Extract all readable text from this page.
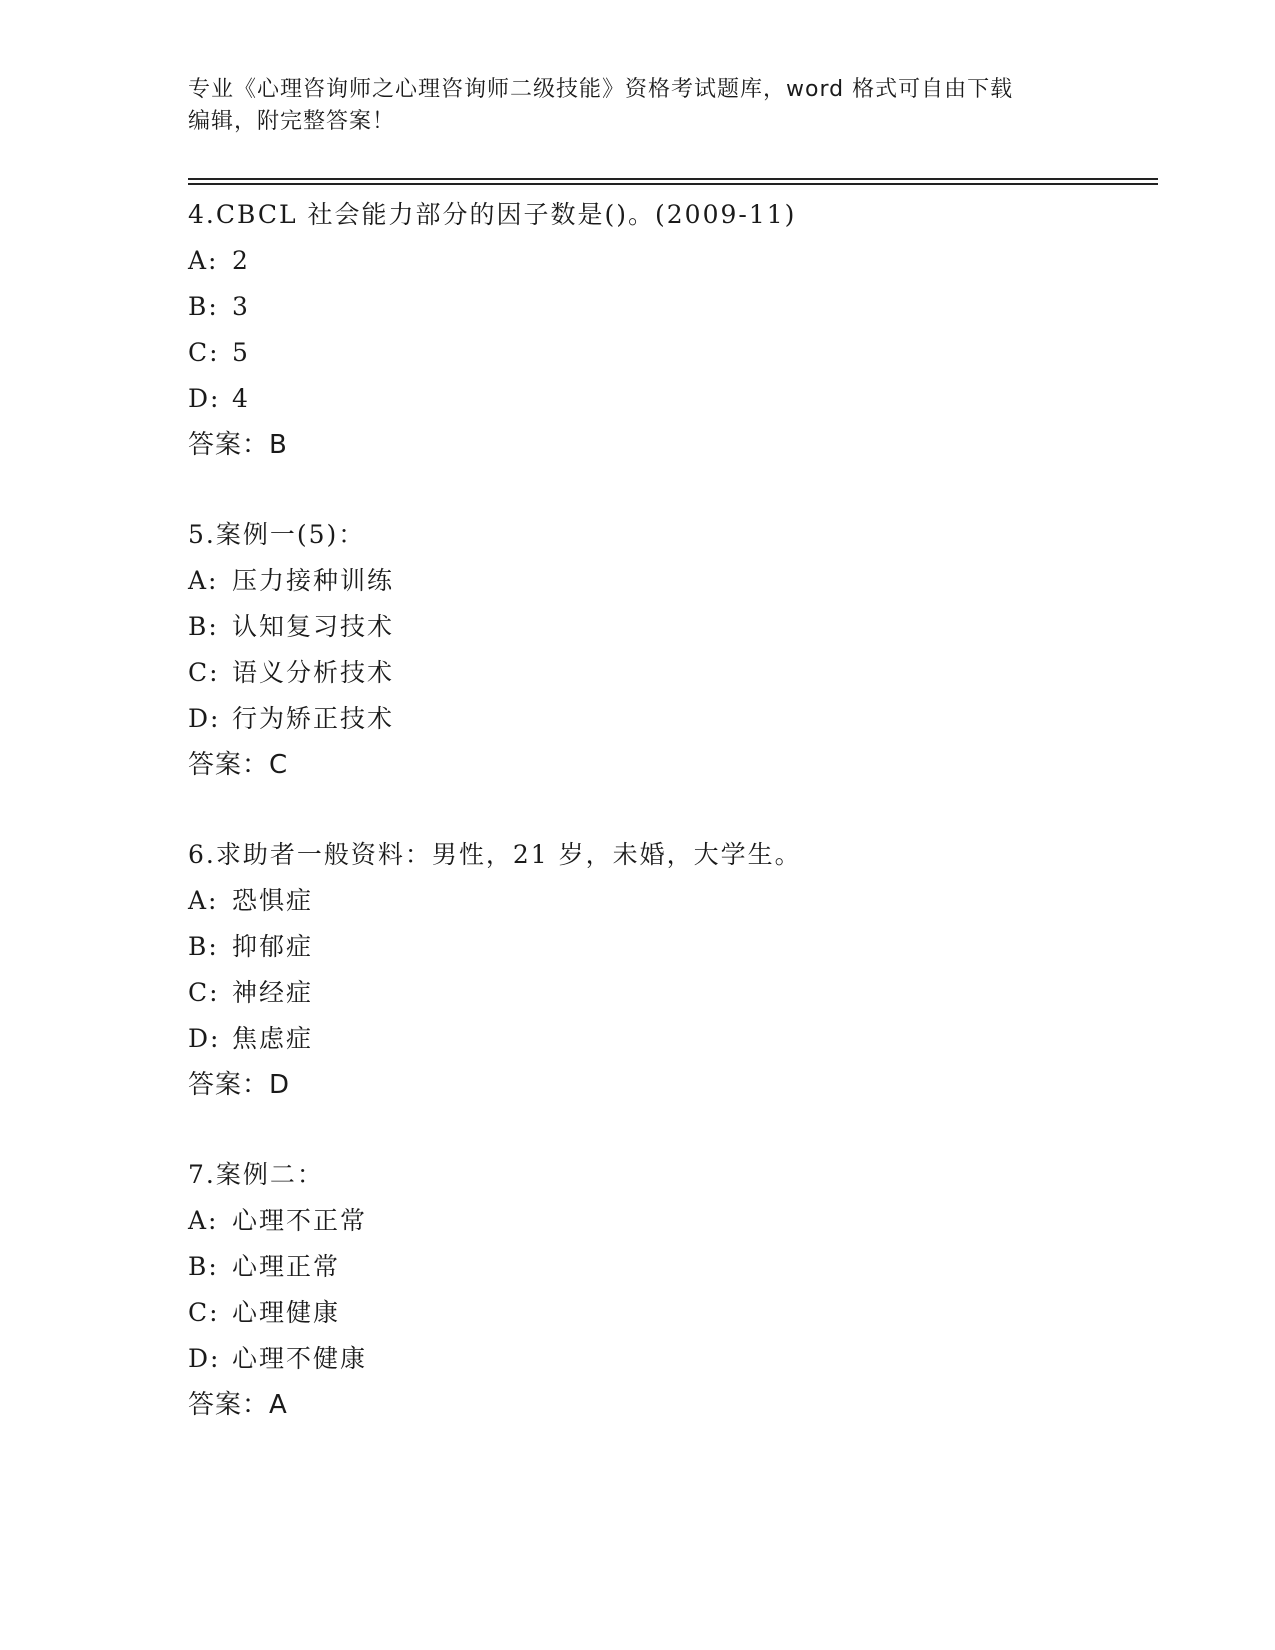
专业《心理咨询师之心理咨询师二级技能》资格考试题库，word 格式可自由下载

编辑，附完整答案！

4.CBCL 社会能力部分的因子数是()。(2009-11)
A: 2
B: 3
C: 5
D: 4
答案：B
5.案例一(5)：
A: 压力接种训练
B: 认知复习技术
C: 语义分析技术
D: 行为矫正技术
答案：C
6.求助者一般资料：男性，21 岁，未婚，大学生。
A: 恐惧症
B: 抑郁症
C: 神经症
D: 焦虑症
答案：D
7.案例二：
A: 心理不正常
B: 心理正常
C: 心理健康
D: 心理不健康
答案：A
